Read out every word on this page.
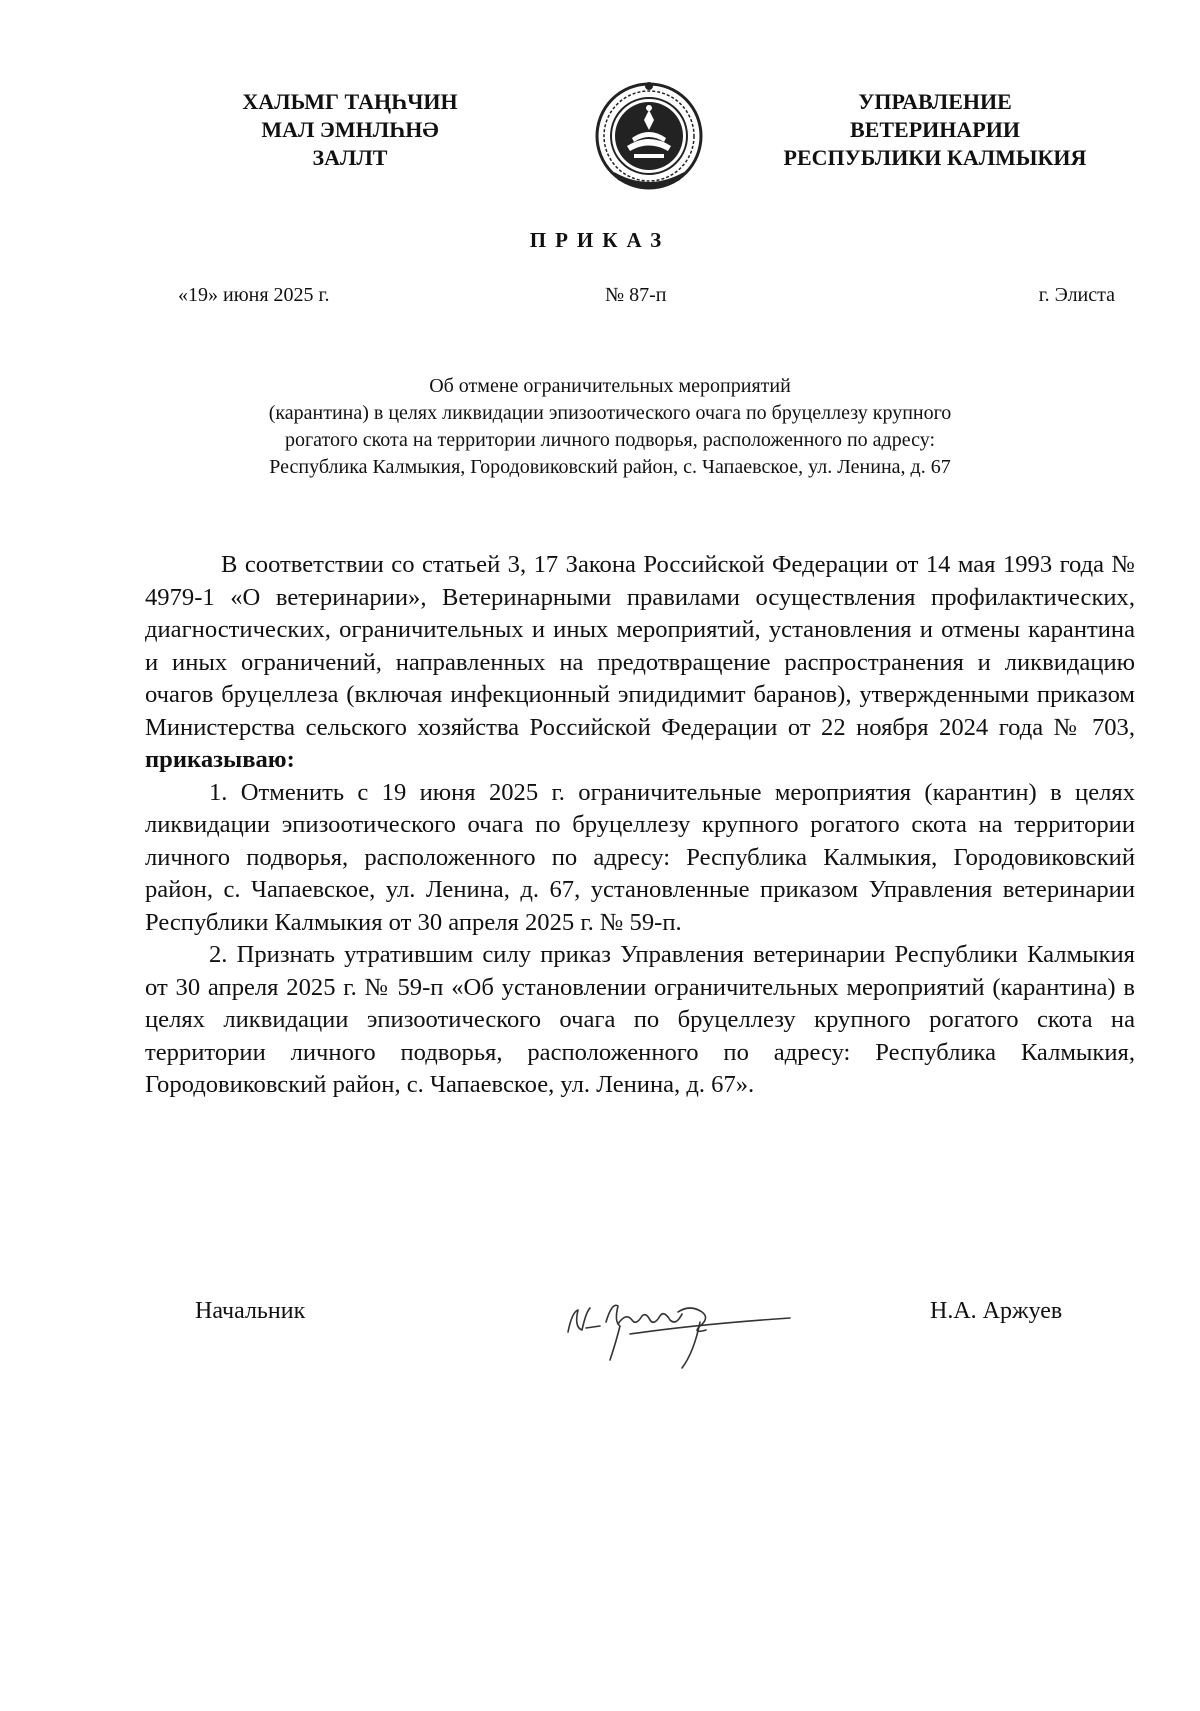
ХАЛЬМГ ТАҢҺЧИН
МАЛ ЭМНЛҺНӘ
ЗАЛЛТ
УПРАВЛЕНИЕ
ВЕТЕРИНАРИИ
РЕСПУБЛИКИ КАЛМЫКИЯ
ПРИКАЗ
«19» июня 2025 г.	№ 87-п	г. Элиста
Об отмене ограничительных мероприятий
(карантина) в целях ликвидации эпизоотического очага по бруцеллезу крупного
рогатого скота на территории личного подворья, расположенного по адресу:
Республика Калмыкия, Городовиковский район, с. Чапаевское, ул. Ленина, д. 67

В соответствии со статьей 3, 17 Закона Российской Федерации от 14 мая 1993 года № 4979-1 «О ветеринарии», Ветеринарными правилами осуществления профилактических, диагностических, ограничительных и иных мероприятий, установления и отмены карантина и иных ограничений, направленных на предотвращение распространения и ликвидацию очагов бруцеллеза (включая инфекционный эпидидимит баранов), утвержденными приказом Министерства сельского хозяйства Российской Федерации от 22 ноября 2024 года № 703, приказываю:

1. Отменить с 19 июня 2025 г. ограничительные мероприятия (карантин) в целях ликвидации эпизоотического очага по бруцеллезу крупного рогатого скота на территории личного подворья, расположенного по адресу: Республика Калмыкия, Городовиковский район, с. Чапаевское, ул. Ленина, д. 67, установленные приказом Управления ветеринарии Республики Калмыкия от 30 апреля 2025 г. № 59-п.

2. Признать утратившим силу приказ Управления ветеринарии Республики Калмыкия от 30 апреля 2025 г. № 59-п «Об установлении ограничительных мероприятий (карантина) в целях ликвидации эпизоотического очага по бруцеллезу крупного рогатого скота на территории личного подворья, расположенного по адресу: Республика Калмыкия, Городовиковский район, с. Чапаевское, ул. Ленина, д. 67».

Начальник	Н.А. Аржуев
